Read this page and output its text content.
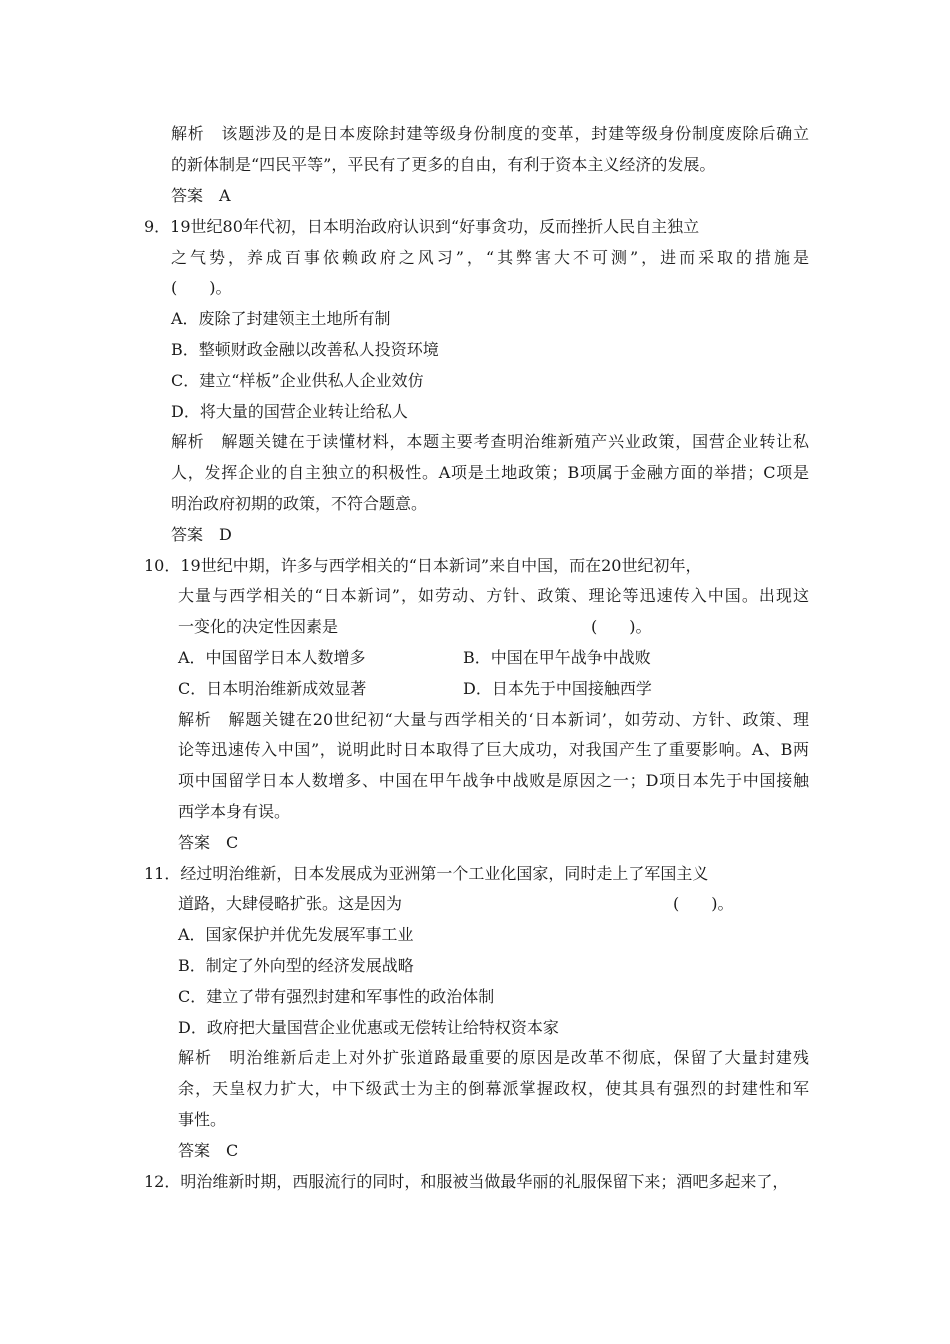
解析　该题涉及的是日本废除封建等级身份制度的变革，封建等级身份制度废除后确立
的新体制是“四民平等”，平民有了更多的自由，有利于资本主义经济的发展。
答案　A
9．19世纪80年代初，日本明治政府认识到“好事贪功，反而挫折人民自主独立
之气势，养成百事依赖政府之风习”，“其弊害大不可测”，进而采取的措施是
(　　)。
A．废除了封建领主土地所有制
B．整顿财政金融以改善私人投资环境
C．建立“样板”企业供私人企业效仿
D．将大量的国营企业转让给私人
解析　解题关键在于读懂材料，本题主要考查明治维新殖产兴业政策，国营企业转让私
人，发挥企业的自主独立的积极性。A项是土地政策；B项属于金融方面的举措；C项是
明治政府初期的政策，不符合题意。
答案　D
10．19世纪中期，许多与西学相关的“日本新词”来自中国，而在20世纪初年，
大量与西学相关的“日本新词”，如劳动、方针、政策、理论等迅速传入中国。出现这
一变化的决定性因素是	(　　)。
A．中国留学日本人数增多	B．中国在甲午战争中战败
C．日本明治维新成效显著	D．日本先于中国接触西学
解析　解题关键在20世纪初“大量与西学相关的‘日本新词’，如劳动、方针、政策、理
论等迅速传入中国”，说明此时日本取得了巨大成功，对我国产生了重要影响。A、B两
项中国留学日本人数增多、中国在甲午战争中战败是原因之一；D项日本先于中国接触
西学本身有误。
答案　C
11．经过明治维新，日本发展成为亚洲第一个工业化国家，同时走上了军国主义
道路，大肆侵略扩张。这是因为	(　　)。
A．国家保护并优先发展军事工业
B．制定了外向型的经济发展战略
C．建立了带有强烈封建和军事性的政治体制
D．政府把大量国营企业优惠或无偿转让给特权资本家
解析　明治维新后走上对外扩张道路最重要的原因是改革不彻底，保留了大量封建残
余，天皇权力扩大，中下级武士为主的倒幕派掌握政权，使其具有强烈的封建性和军
事性。
答案　C
12．明治维新时期，西服流行的同时，和服被当做最华丽的礼服保留下来；酒吧多起来了，
